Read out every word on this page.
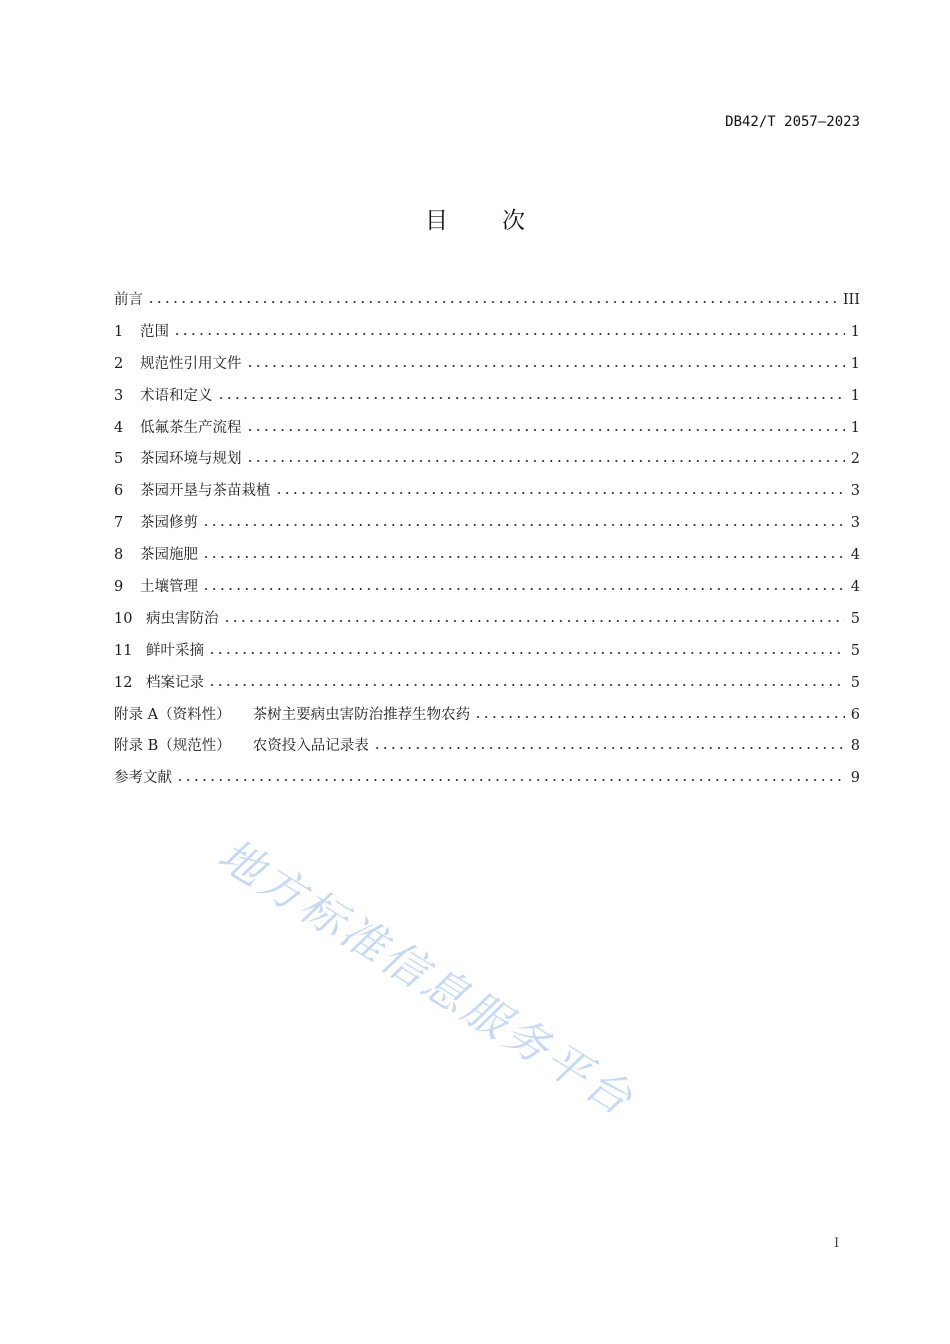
DB42/T 2057—2023
目 次
前言	III
1	范围	1
2	规范性引用文件	1
3	术语和定义	1
4	低氟茶生产流程	1
5	茶园环境与规划	2
6	茶园开垦与茶苗栽植	3
7	茶园修剪	3
8	茶园施肥	4
9	土壤管理	4
10 病虫害防治	5
11 鲜叶采摘	5
12 档案记录	5
附录 A（资料性） 茶树主要病虫害防治推荐生物农药	6
附录 B（规范性） 农资投入品记录表	8
参考文献	9
地方标准信息服务平台
I
